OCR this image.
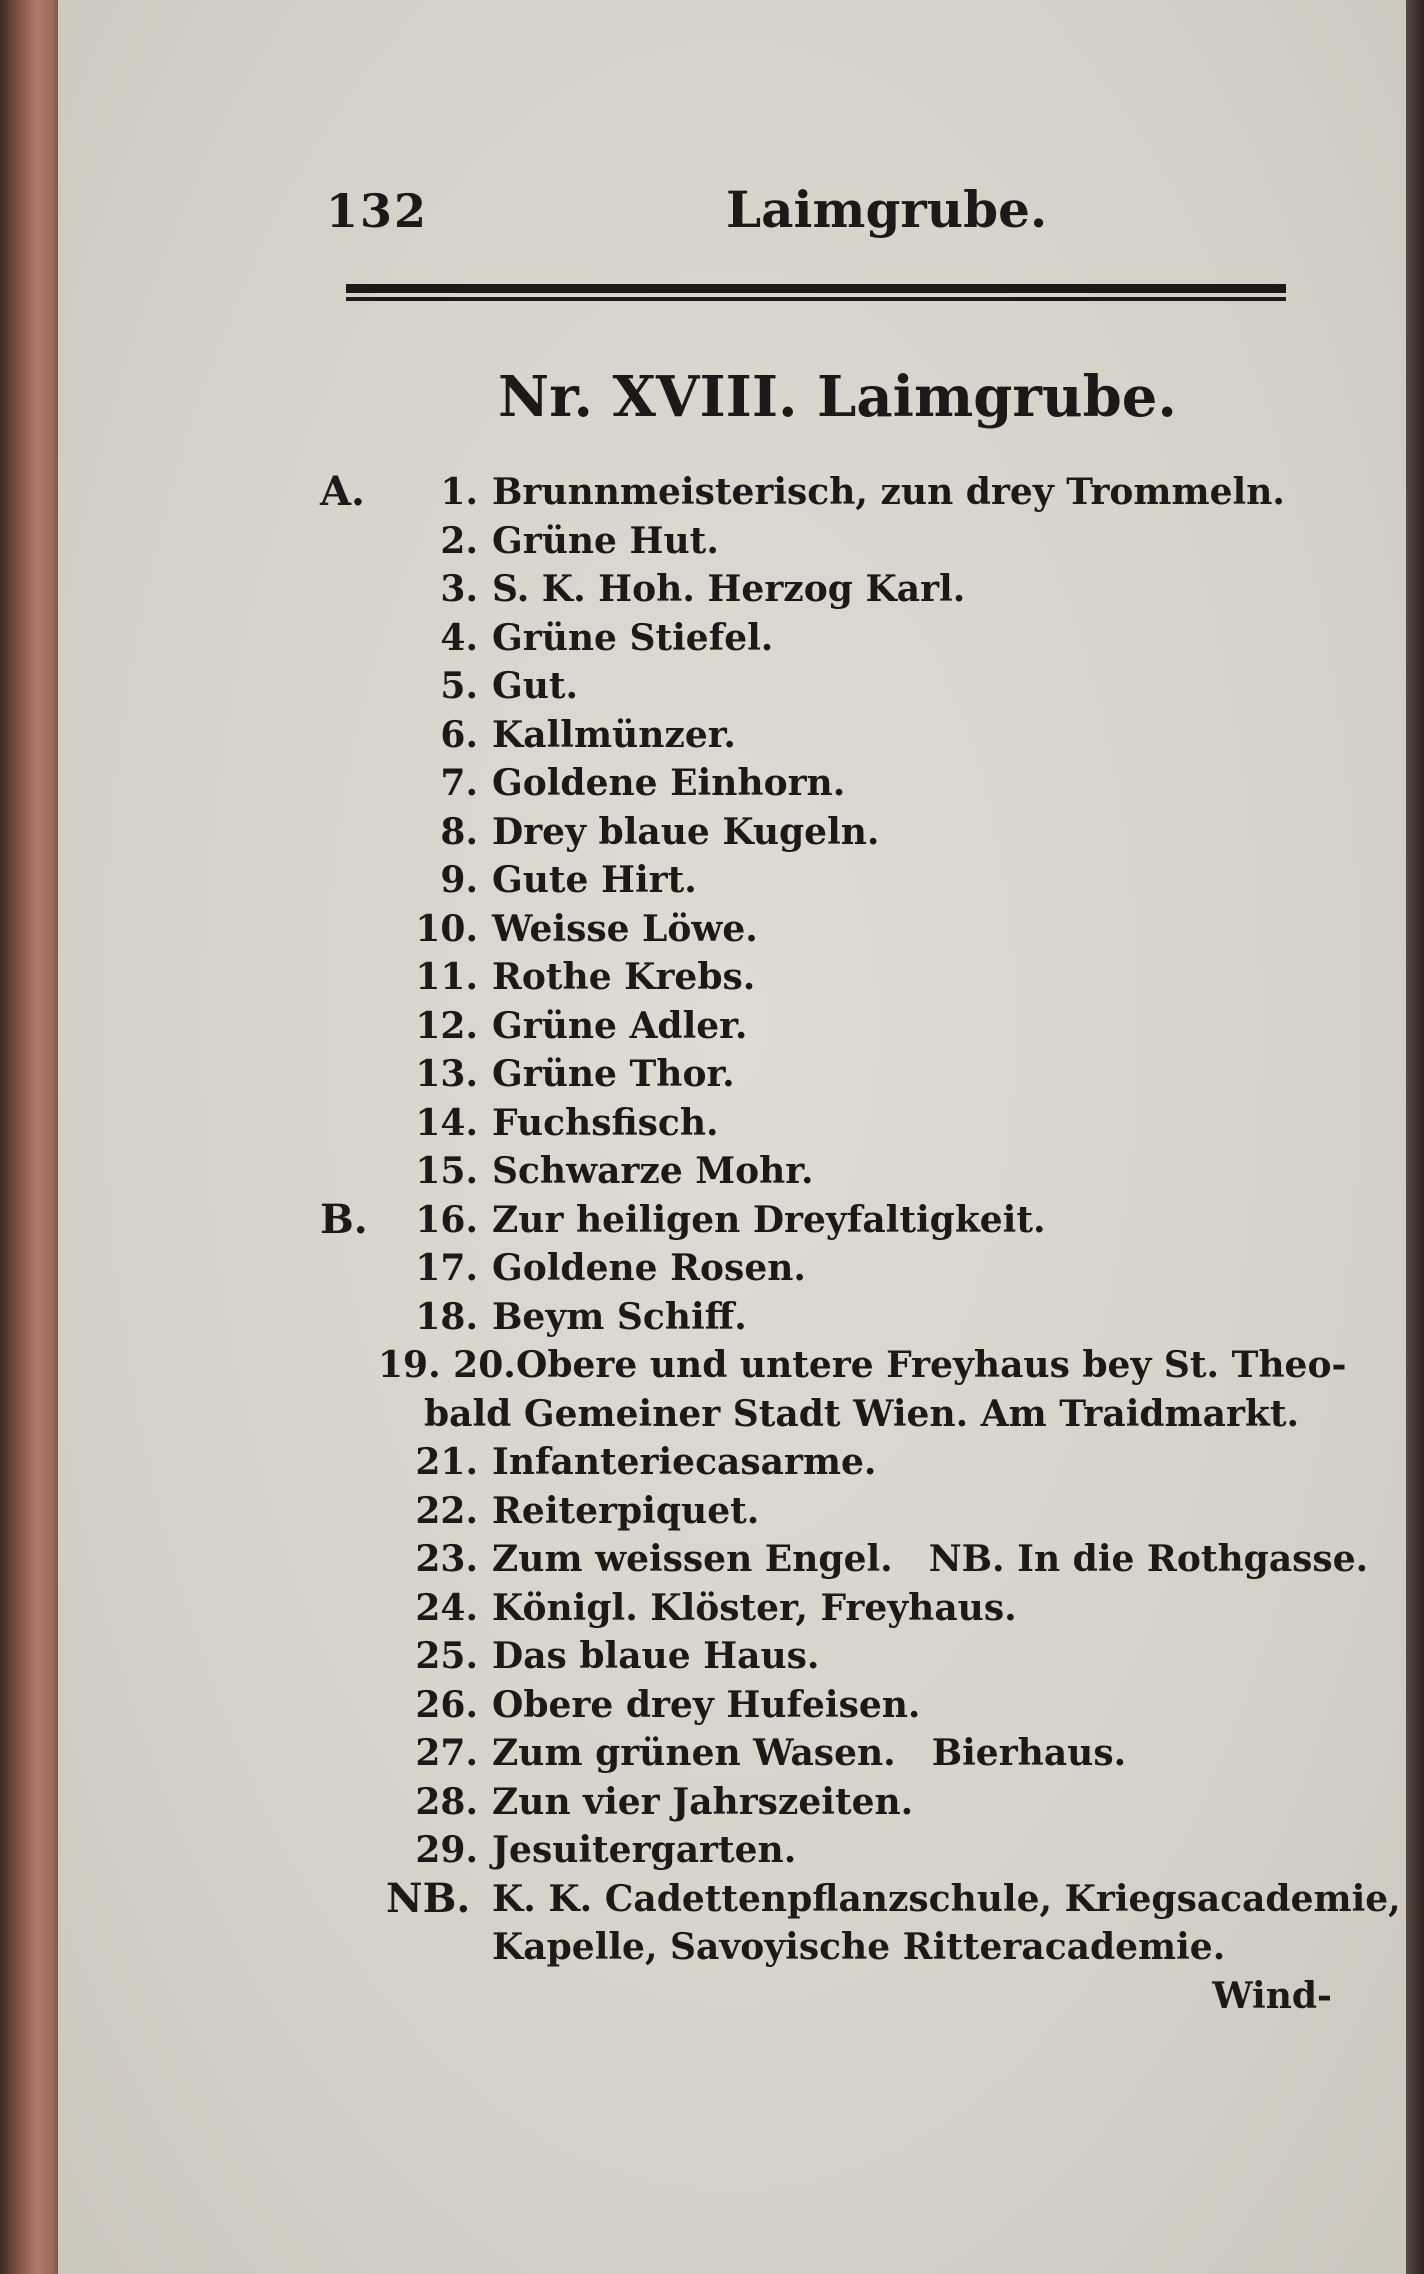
132	Laimgrube.
Nr. XVIII. Laimgrube.
A.	1. Brunnmeisterisch, zun drey Trommeln.
2. Grüne Hut.
3. S. K. Hoh. Herzog Karl.
4. Grüne Stiefel.
5. Gut.
6. Kallmünzer.
7. Goldene Einhorn.
8. Drey blaue Kugeln.
9. Gute Hirt.
10. Weisse Löwe.
11. Rothe Krebs.
12. Grüne Adler.
13. Grüne Thor.
14. Fuchsfisch.
15. Schwarze Mohr.
B.	16. Zur heiligen Dreyfaltigkeit.
17. Goldene Rosen.
18. Beym Schiff.
19. 20. Obere und untere Freyhaus bey St. Theo-
bald Gemeiner Stadt Wien. Am Traidmarkt.
21. Infanteriecasarme.
22. Reiterpiquet.
23. Zum weissen Engel. NB. In die Rothgasse.
24. Königl. Klöster, Freyhaus.
25. Das blaue Haus.
26. Obere drey Hufeisen.
27. Zum grünen Wasen. Bierhaus.
28. Zun vier Jahrszeiten.
29. Jesuitergarten.
NB. K. K. Cadettenpflanzschule, Kriegsacademie,
Kapelle, Savoyische Ritteracademie.
Wind-
